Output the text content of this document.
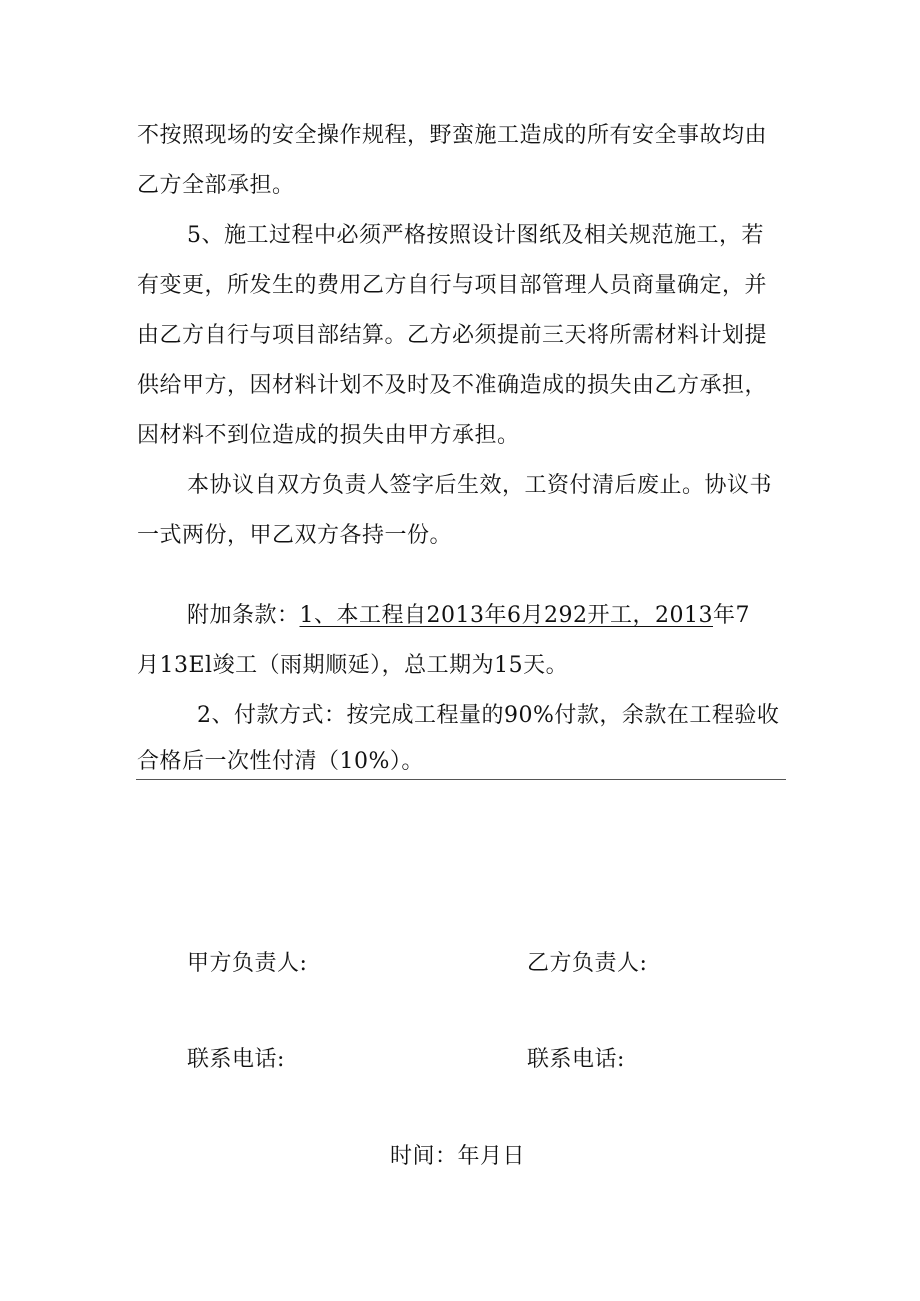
不按照现场的安全操作规程，野蛮施工造成的所有安全事故均由
乙方全部承担。
5、施工过程中必须严格按照设计图纸及相关规范施工，若
有变更，所发生的费用乙方自行与项目部管理人员商量确定，并
由乙方自行与项目部结算。乙方必须提前三天将所需材料计划提
供给甲方，因材料计划不及时及不准确造成的损失由乙方承担，
因材料不到位造成的损失由甲方承担。
本协议自双方负责人签字后生效，工资付清后废止。协议书
一式两份，甲乙双方各持一份。
附加条款：1、本工程自2013年6月292开工，2013年7
月13El竣工（雨期顺延），总工期为15天。
2、付款方式：按完成工程量的90%付款，余款在工程验收
合格后一次性付清（10%）。
甲方负责人:	乙方负责人:
联系电话:	联系电话:
时间：年月日
